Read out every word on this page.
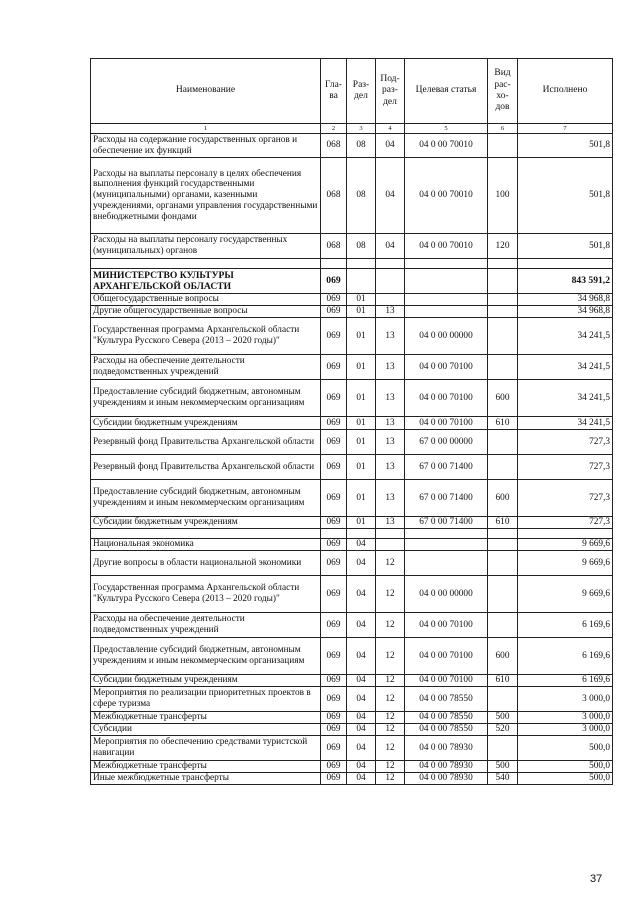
Наименование	Гла-ва	Раз-дел	Под-раз-дел	Целевая статья	Вид рас-хо-дов	Исполнено
1	2	3	4	5	6	7
Расходы на содержание государственных органов и обеспечение их функций	068	08	04	04 0 00 70010		501,8
Расходы на выплаты персоналу в целях обеспечения выполнения функций государственными (муниципальными) органами, казенными учреждениями, органами управления государственными внебюджетными фондами	068	08	04	04 0 00 70010	100	501,8
Расходы на выплаты персоналу государственных (муниципальных) органов	068	08	04	04 0 00 70010	120	501,8

МИНИСТЕРСТВО КУЛЬТУРЫ АРХАНГЕЛЬСКОЙ ОБЛАСТИ	069					843 591,2
Общегосударственные вопросы	069	01				34 968,8
Другие общегосударственные вопросы	069	01	13			34 968,8
Государственная программа Архангельской области "Культура Русского Севера (2013 – 2020 годы)"	069	01	13	04 0 00 00000		34 241,5
Расходы на обеспечение деятельности подведомственных учреждений	069	01	13	04 0 00 70100		34 241,5
Предоставление субсидий бюджетным, автономным учреждениям и иным некоммерческим организациям	069	01	13	04 0 00 70100	600	34 241,5
Субсидии бюджетным учреждениям	069	01	13	04 0 00 70100	610	34 241,5
Резервный фонд Правительства Архангельской области	069	01	13	67 0 00 00000		727,3
Резервный фонд Правительства Архангельской области	069	01	13	67 0 00 71400		727,3
Предоставление субсидий бюджетным, автономным учреждениям и иным некоммерческим организациям	069	01	13	67 0 00 71400	600	727,3
Субсидии бюджетным учреждениям	069	01	13	67 0 00 71400	610	727,3

Национальная экономика	069	04				9 669,6
Другие вопросы в области национальной экономики	069	04	12			9 669,6
Государственная программа Архангельской области "Культура Русского Севера (2013 – 2020 годы)"	069	04	12	04 0 00 00000		9 669,6
Расходы на обеспечение деятельности подведомственных учреждений	069	04	12	04 0 00 70100		6 169,6
Предоставление субсидий бюджетным, автономным учреждениям и иным некоммерческим организациям	069	04	12	04 0 00 70100	600	6 169,6
Субсидии бюджетным учреждениям	069	04	12	04 0 00 70100	610	6 169,6
Мероприятия по реализации приоритетных проектов в сфере туризма	069	04	12	04 0 00 78550		3 000,0
Межбюджетные трансферты	069	04	12	04 0 00 78550	500	3 000,0
Субсидии	069	04	12	04 0 00 78550	520	3 000,0
Мероприятия по обеспечению средствами туристской навигации	069	04	12	04 0 00 78930		500,0
Межбюджетные трансферты	069	04	12	04 0 00 78930	500	500,0
Иные межбюджетные трансферты	069	04	12	04 0 00 78930	540	500,0
37
